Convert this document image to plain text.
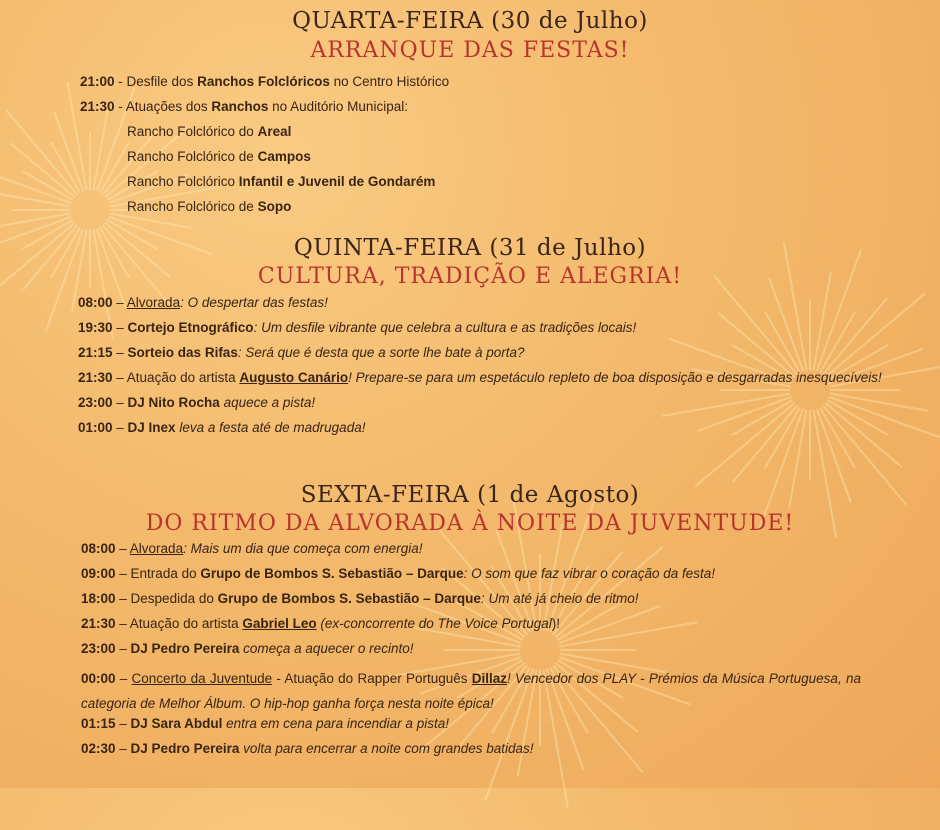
QUARTA-FEIRA (30 de Julho)
ARRANQUE DAS FESTAS!
21:00 - Desfile dos Ranchos Folclóricos no Centro Histórico
21:30 - Atuações dos Ranchos no Auditório Municipal:
Rancho Folclórico do Areal
Rancho Folclórico de Campos
Rancho Folclórico Infantil e Juvenil de Gondarém
Rancho Folclórico de Sopo
QUINTA-FEIRA (31 de Julho)
CULTURA, TRADIÇÃO E ALEGRIA!
08:00 – Alvorada: O despertar das festas!
19:30 – Cortejo Etnográfico: Um desfile vibrante que celebra a cultura e as tradições locais!
21:15 – Sorteio das Rifas: Será que é desta que a sorte lhe bate à porta?
21:30 – Atuação do artista Augusto Canário! Prepare-se para um espetáculo repleto de boa disposição e desgarradas inesquecíveis!
23:00 – DJ Nito Rocha aquece a pista!
01:00 – DJ Inex leva a festa até de madrugada!
SEXTA-FEIRA (1 de Agosto)
DO RITMO DA ALVORADA À NOITE DA JUVENTUDE!
08:00 – Alvorada: Mais um dia que começa com energia!
09:00 – Entrada do Grupo de Bombos S. Sebastião – Darque: O som que faz vibrar o coração da festa!
18:00 – Despedida do Grupo de Bombos S. Sebastião – Darque: Um até já cheio de ritmo!
21:30 – Atuação do artista Gabriel Leo (ex-concorrente do The Voice Portugal)!
23:00 – DJ Pedro Pereira começa a aquecer o recinto!
00:00 – Concerto da Juventude - Atuação do Rapper Português Dillaz! Vencedor dos PLAY - Prémios da Música Portuguesa, na categoria de Melhor Álbum. O hip-hop ganha força nesta noite épica!
01:15 – DJ Sara Abdul entra em cena para incendiar a pista!
02:30 – DJ Pedro Pereira volta para encerrar a noite com grandes batidas!
